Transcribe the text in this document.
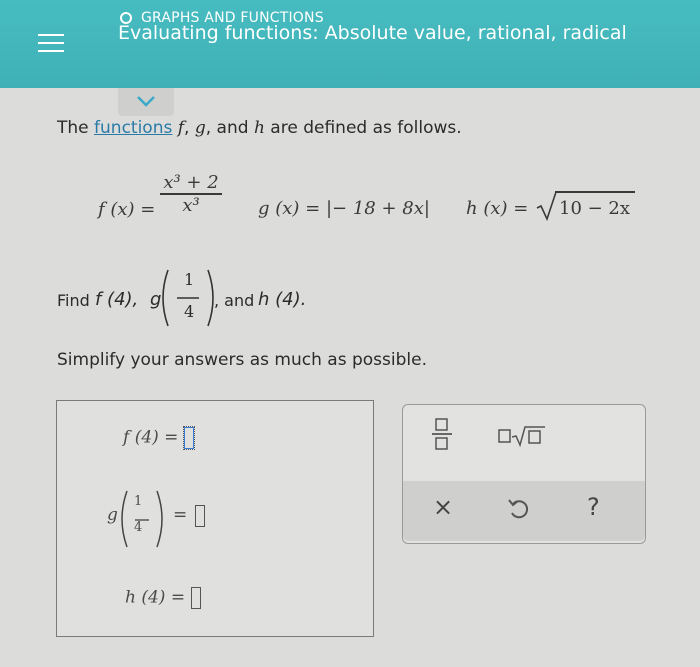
GRAPHS AND FUNCTIONS
Evaluating functions: Absolute value, rational, radical
The functions f, g, and h are defined as follows.
f (x) =
x³ + 2
x³	g (x) = |− 18 + 8x| h (x) = 10 − 2x
Find f (4), g
1
4
, and h (4).
Simplify your answers as much as possible.
f (4) =
g
1
4
=
h (4) =
×	?
